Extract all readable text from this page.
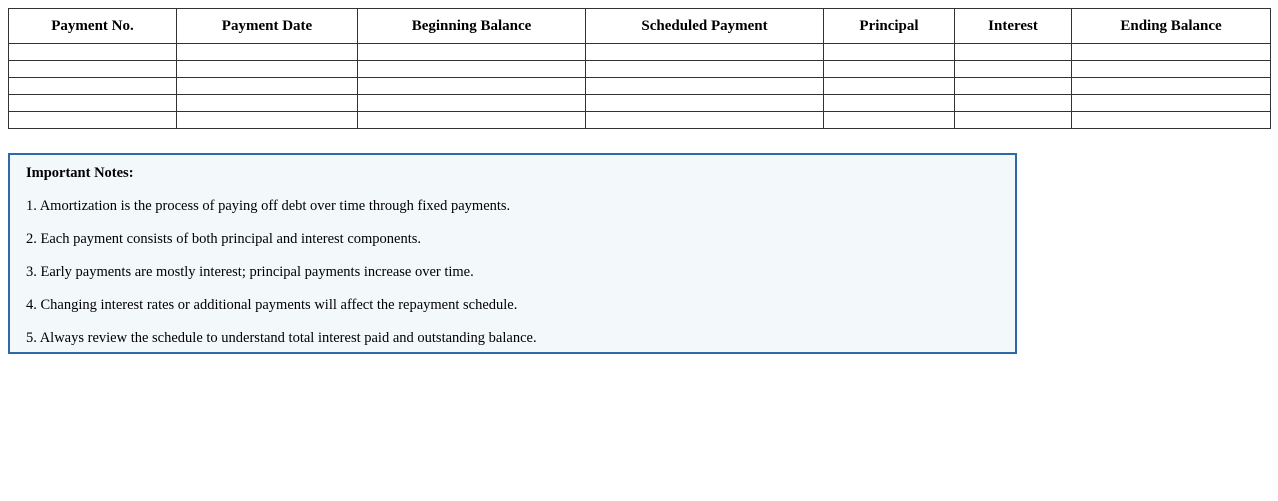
Payment No.	Payment Date	Beginning Balance	Scheduled Payment	Principal	Interest	Ending Balance

Important Notes:
1. Amortization is the process of paying off debt over time through fixed payments.
2. Each payment consists of both principal and interest components.
3. Early payments are mostly interest; principal payments increase over time.
4. Changing interest rates or additional payments will affect the repayment schedule.
5. Always review the schedule to understand total interest paid and outstanding balance.
